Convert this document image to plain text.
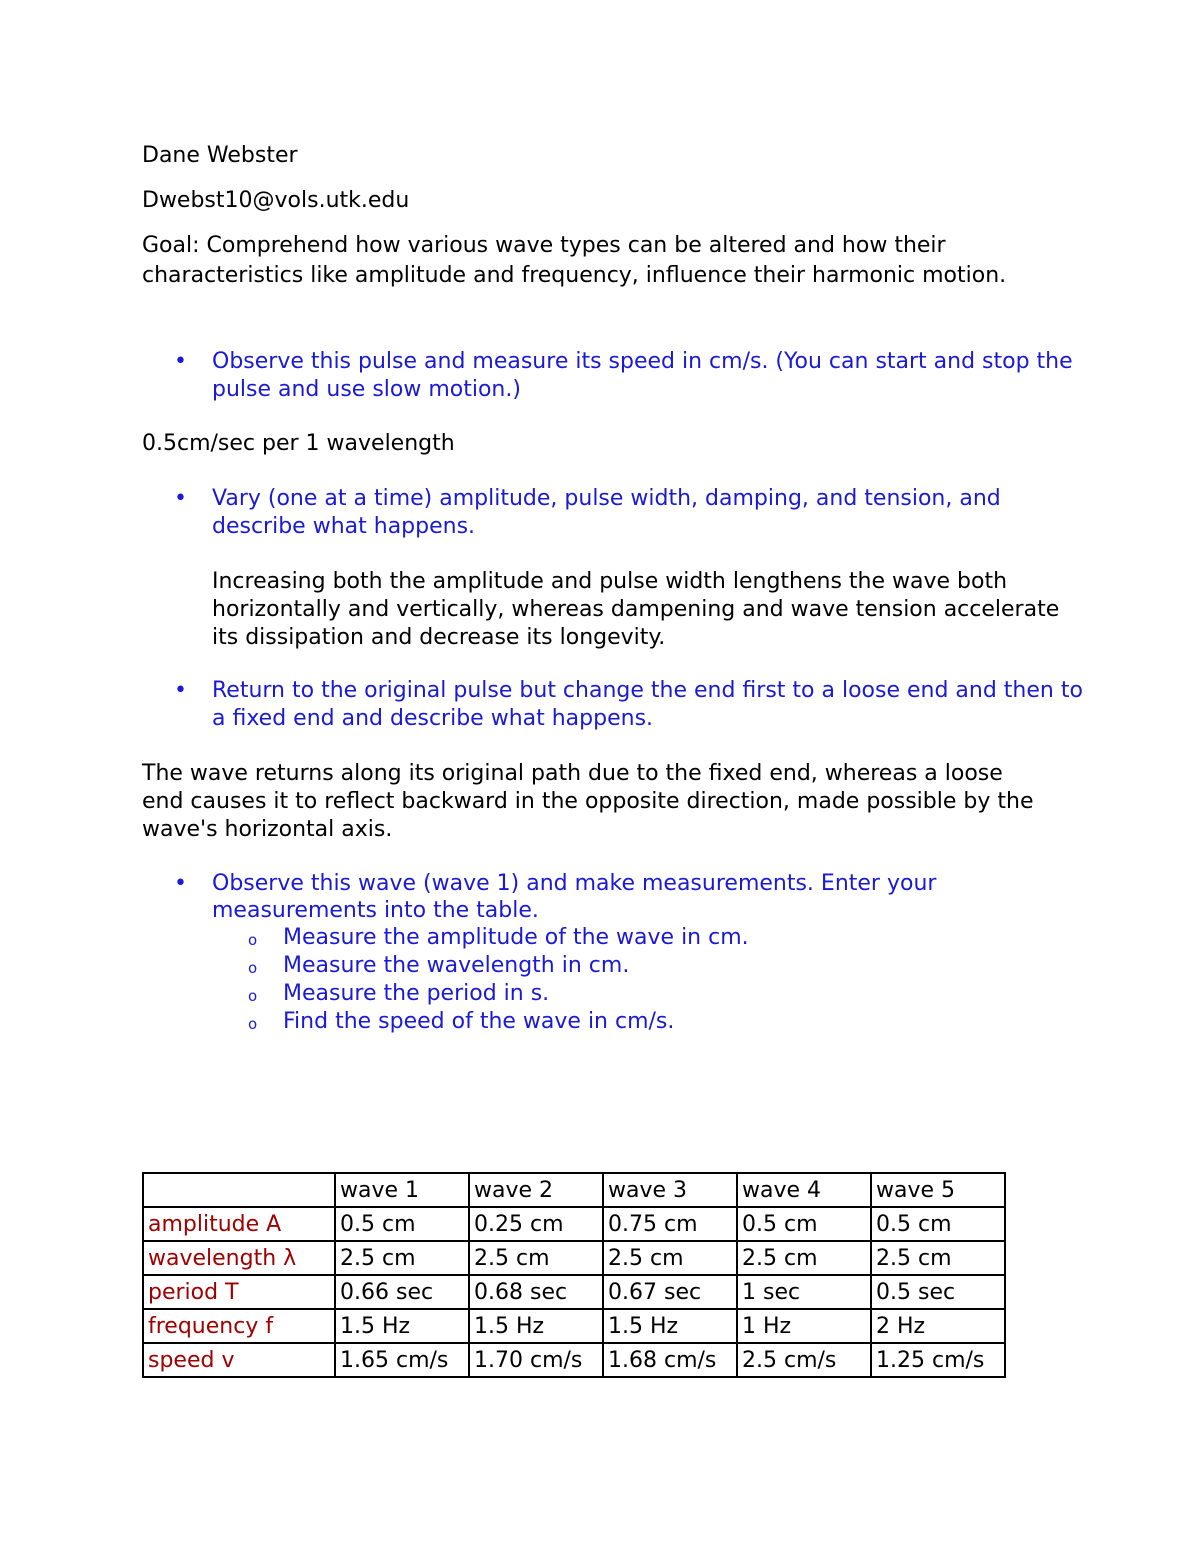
Dane Webster
Dwebst10@vols.utk.edu
Goal: Comprehend how various wave types can be altered and how their characteristics like amplitude and frequency, influence their harmonic motion.
• Observe this pulse and measure its speed in cm/s. (You can start and stop the pulse and use slow motion.)
0.5cm/sec per 1 wavelength
• Vary (one at a time) amplitude, pulse width, damping, and tension, and describe what happens.
Increasing both the amplitude and pulse width lengthens the wave both horizontally and vertically, whereas dampening and wave tension accelerate its dissipation and decrease its longevity.
• Return to the original pulse but change the end first to a loose end and then to a fixed end and describe what happens.
The wave returns along its original path due to the fixed end, whereas a loose end causes it to reflect backward in the opposite direction, made possible by the wave's horizontal axis.
• Observe this wave (wave 1) and make measurements. Enter your measurements into the table.
o Measure the amplitude of the wave in cm.
o Measure the wavelength in cm.
o Measure the period in s.
o Find the speed of the wave in cm/s.
	wave 1	wave 2	wave 3	wave 4	wave 5
amplitude A	0.5 cm	0.25 cm	0.75 cm	0.5 cm	0.5 cm
wavelength λ	2.5 cm	2.5 cm	2.5 cm	2.5 cm	2.5 cm
period T	0.66 sec	0.68 sec	0.67 sec	1 sec	0.5 sec
frequency f	1.5 Hz	1.5 Hz	1.5 Hz	1 Hz	2 Hz
speed v	1.65 cm/s	1.70 cm/s	1.68 cm/s	2.5 cm/s	1.25 cm/s
